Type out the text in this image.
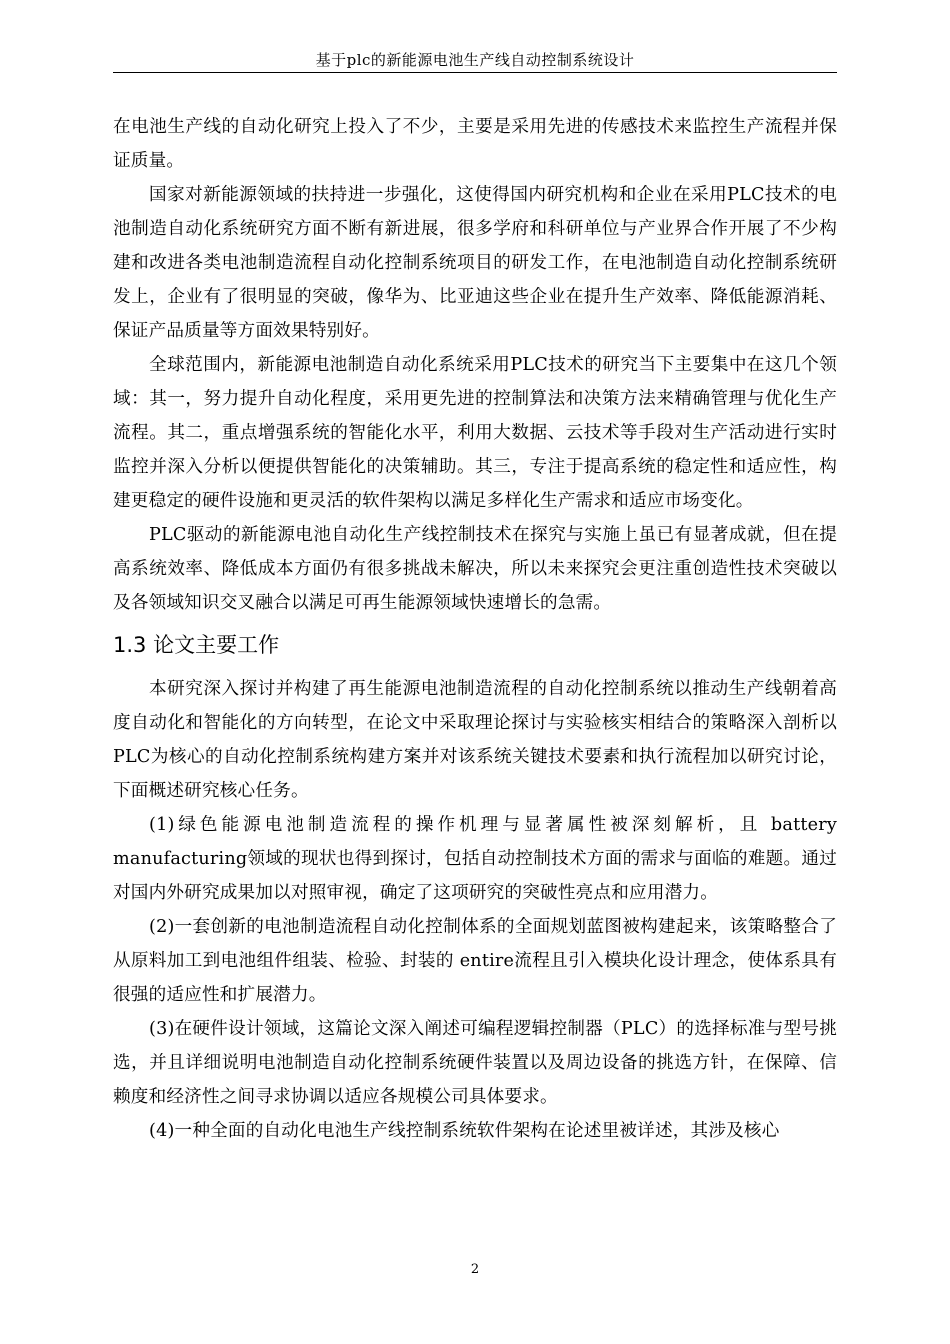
基于plc的新能源电池生产线自动控制系统设计

在电池生产线的自动化研究上投入了不少，主要是采用先进的传感技术来监控生产流程并保证质量。

国家对新能源领域的扶持进一步强化，这使得国内研究机构和企业在采用PLC技术的电池制造自动化系统研究方面不断有新进展，很多学府和科研单位与产业界合作开展了不少构建和改进各类电池制造流程自动化控制系统项目的研发工作，在电池制造自动化控制系统研发上，企业有了很明显的突破，像华为、比亚迪这些企业在提升生产效率、降低能源消耗、保证产品质量等方面效果特别好。

全球范围内，新能源电池制造自动化系统采用PLC技术的研究当下主要集中在这几个领域：其一，努力提升自动化程度，采用更先进的控制算法和决策方法来精确管理与优化生产流程。其二，重点增强系统的智能化水平，利用大数据、云技术等手段对生产活动进行实时监控并深入分析以便提供智能化的决策辅助。其三，专注于提高系统的稳定性和适应性，构建更稳定的硬件设施和更灵活的软件架构以满足多样化生产需求和适应市场变化。

PLC驱动的新能源电池自动化生产线控制技术在探究与实施上虽已有显著成就，但在提高系统效率、降低成本方面仍有很多挑战未解决，所以未来探究会更注重创造性技术突破以及各领域知识交叉融合以满足可再生能源领域快速增长的急需。

1.3 论文主要工作

本研究深入探讨并构建了再生能源电池制造流程的自动化控制系统以推动生产线朝着高度自动化和智能化的方向转型，在论文中采取理论探讨与实验核实相结合的策略深入剖析以PLC为核心的自动化控制系统构建方案并对该系统关键技术要素和执行流程加以研究讨论，下面概述研究核心任务。

(1)绿色能源电池制造流程的操作机理与显著属性被深刻解析，且 battery manufacturing领域的现状也得到探讨，包括自动控制技术方面的需求与面临的难题。通过对国内外研究成果加以对照审视，确定了这项研究的突破性亮点和应用潜力。

(2)一套创新的电池制造流程自动化控制体系的全面规划蓝图被构建起来，该策略整合了从原料加工到电池组件组装、检验、封装的 entire流程且引入模块化设计理念，使体系具有很强的适应性和扩展潜力。

(3)在硬件设计领域，这篇论文深入阐述可编程逻辑控制器（PLC）的选择标准与型号挑选，并且详细说明电池制造自动化控制系统硬件装置以及周边设备的挑选方针，在保障、信赖度和经济性之间寻求协调以适应各规模公司具体要求。

(4)一种全面的自动化电池生产线控制系统软件架构在论述里被详述，其涉及核心

2
